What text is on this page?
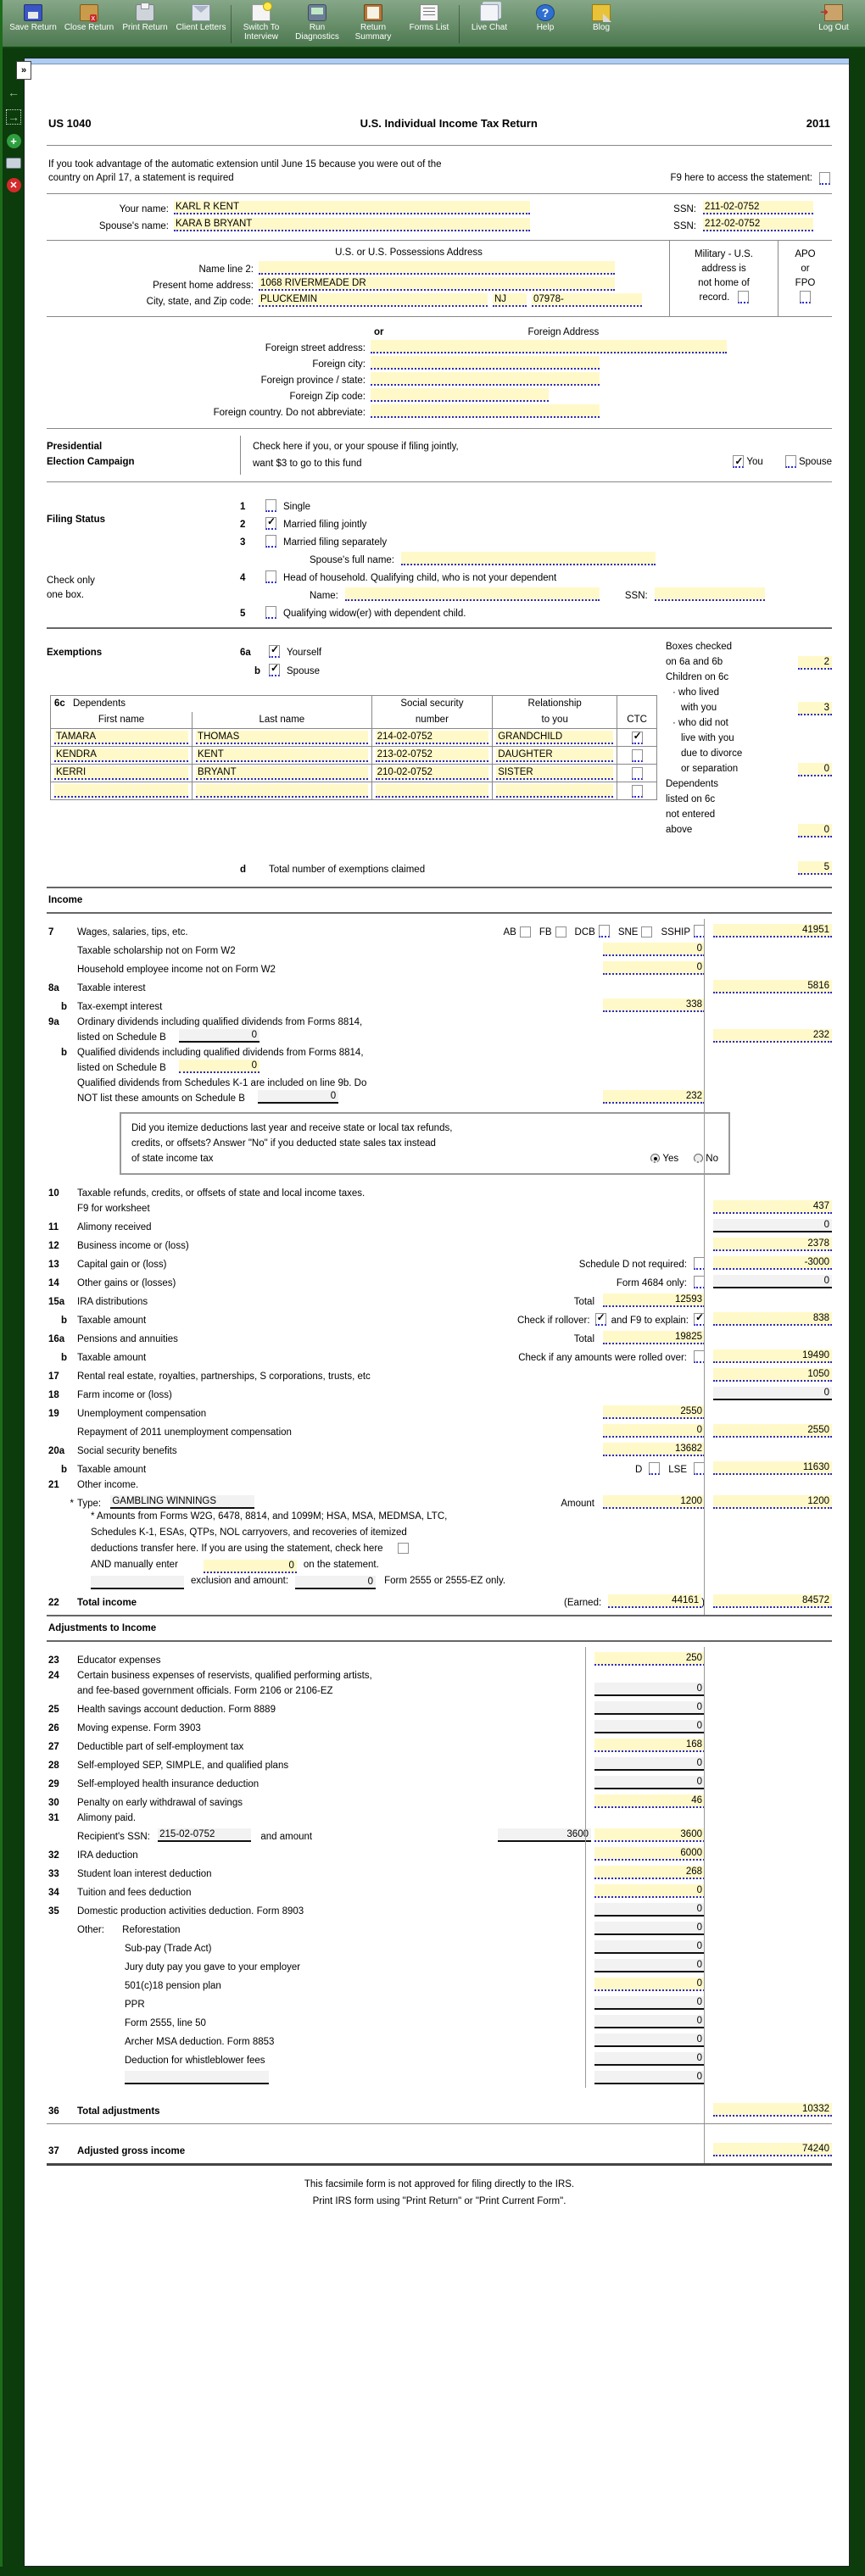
Save Return
x Close Return Print Return Client Letters	Switch To Interview
Run Diagnostics
Return Summary
Forms List	Live Chat
?
Help	Blog
➜	Log Out
←
→
+
✕
»
US 1040	U.S. Individual Income Tax Return	2011
If you took advantage of the automatic extension until June 15 because you were out of the
country on April 17, a statement is required	F9 here to access the statement:
Your name: KARL R KENT	SSN: 211-02-0752
Spouse's name: KARA B BRYANT	SSN: 212-02-0752
U.S. or U.S. Possessions Address
Name line 2:
Present home address: 1068 RIVERMEADE DR
City, state, and Zip code: PLUCKEMIN	NJ	07978-
Military - U.S.
address is
not home of
record.
APO
or
FPO
or	Foreign Address
Foreign street address:
Foreign city:
Foreign province / state:
Foreign Zip code:
Foreign country. Do not abbreviate:
Presidential
Election Campaign
Check here if you, or your spouse if filing jointly,
want $3 to go to this fund ✓	You	Spouse
Filing Status
Check only
one box.
1	Single
2 ✓	Married filing jointly
3	Married filing separately
Spouse's full name:
4	Head of household. Qualifying child, who is not your dependent
Name:	SSN:
5	Qualifying widow(er) with dependent child.
Exemptions	6a ✓	Yourself
b ✓	Spouse
6c Dependents		Social security	Relationship	
First name	Last name	number	to you	CTC
TAMARA	THOMAS	214-02-0752	GRANDCHILD	✓
KENDRA	KENT	213-02-0752	DAUGHTER	
KERRI	BRYANT	210-02-0752	SISTER	

Boxes checked
on 6a and 6b	2
Children on 6c
· who lived
with you	3
· who did not
live with you
due to divorce
or separation	0
Dependents
listed on 6c
not entered
above	0
d	Total number of exemptions claimed	5
Income
7	Wages, salaries, tips, etc.	AB FB DCB SNE SSHIP	41951
Taxable scholarship not on Form W2	0
Household employee income not on Form W2	0
8a	Taxable interest	5816
b	Tax-exempt interest	338
9a	Ordinary dividends including qualified dividends from Forms 8814,
listed on Schedule B	0	232
b	Qualified dividends including qualified dividends from Forms 8814,
listed on Schedule B	0
Qualified dividends from Schedules K-1 are included on line 9b. Do
NOT list these amounts on Schedule B	0	232
Did you itemize deductions last year and receive state or local tax refunds,
credits, or offsets? Answer "No" if you deducted state sales tax instead
of state income tax	Yes	No
10	Taxable refunds, credits, or offsets of state and local income taxes.
F9 for worksheet	437
11	Alimony received	0
12	Business income or (loss)	2378
13	Capital gain or (loss)	Schedule D not required:	-3000
14	Other gains or (losses)	Form 4684 only:	0
15a	IRA distributions	Total	12593
b	Taxable amount	Check if rollover: ✓ and F9 to explain: ✓	838
16a	Pensions and annuities	Total	19825
b	Taxable amount	Check if any amounts were rolled over:	19490
17	Rental real estate, royalties, partnerships, S corporations, trusts, etc	1050
18	Farm income or (loss)	0
19	Unemployment compensation	2550
Repayment of 2011 unemployment compensation	0	2550
20a	Social security benefits	13682
b	Taxable amount	D	LSE	11630
21	Other income.
* Type: GAMBLING WINNINGS	Amount	1200	1200
* Amounts from Forms W2G, 6478, 8814, and 1099M; HSA, MSA, MEDMSA, LTC,
Schedules K-1, ESAs, QTPs, NOL carryovers, and recoveries of itemized
deductions transfer here. If you are using the statement, check here
AND manually enter	0 on the statement.
exclusion and amount:	0 Form 2555 or 2555-EZ only.
22	Total income	(Earned:	44161 )	84572
Adjustments to Income
23	Educator expenses	250
24	Certain business expenses of reservists, qualified performing artists,
and fee-based government officials. Form 2106 or 2106-EZ	0
25	Health savings account deduction. Form 8889	0
26	Moving expense. Form 3903	0
27	Deductible part of self-employment tax	168
28	Self-employed SEP, SIMPLE, and qualified plans	0
29	Self-employed health insurance deduction	0
30	Penalty on early withdrawal of savings	46
31	Alimony paid.
Recipient's SSN: 215-02-0752	and amount	3600	3600
32	IRA deduction	6000
33	Student loan interest deduction	268
34	Tuition and fees deduction	0
35	Domestic production activities deduction. Form 8903	0
Other: Reforestation	0
Sub-pay (Trade Act)	0
Jury duty pay you gave to your employer	0
501(c)18 pension plan	0
PPR	0
Form 2555, line 50	0
Archer MSA deduction. Form 8853	0
Deduction for whistleblower fees	0
0
36	Total adjustments	10332
37	Adjusted gross income	74240
This facsimile form is not approved for filing directly to the IRS.
Print IRS form using "Print Return" or "Print Current Form".
